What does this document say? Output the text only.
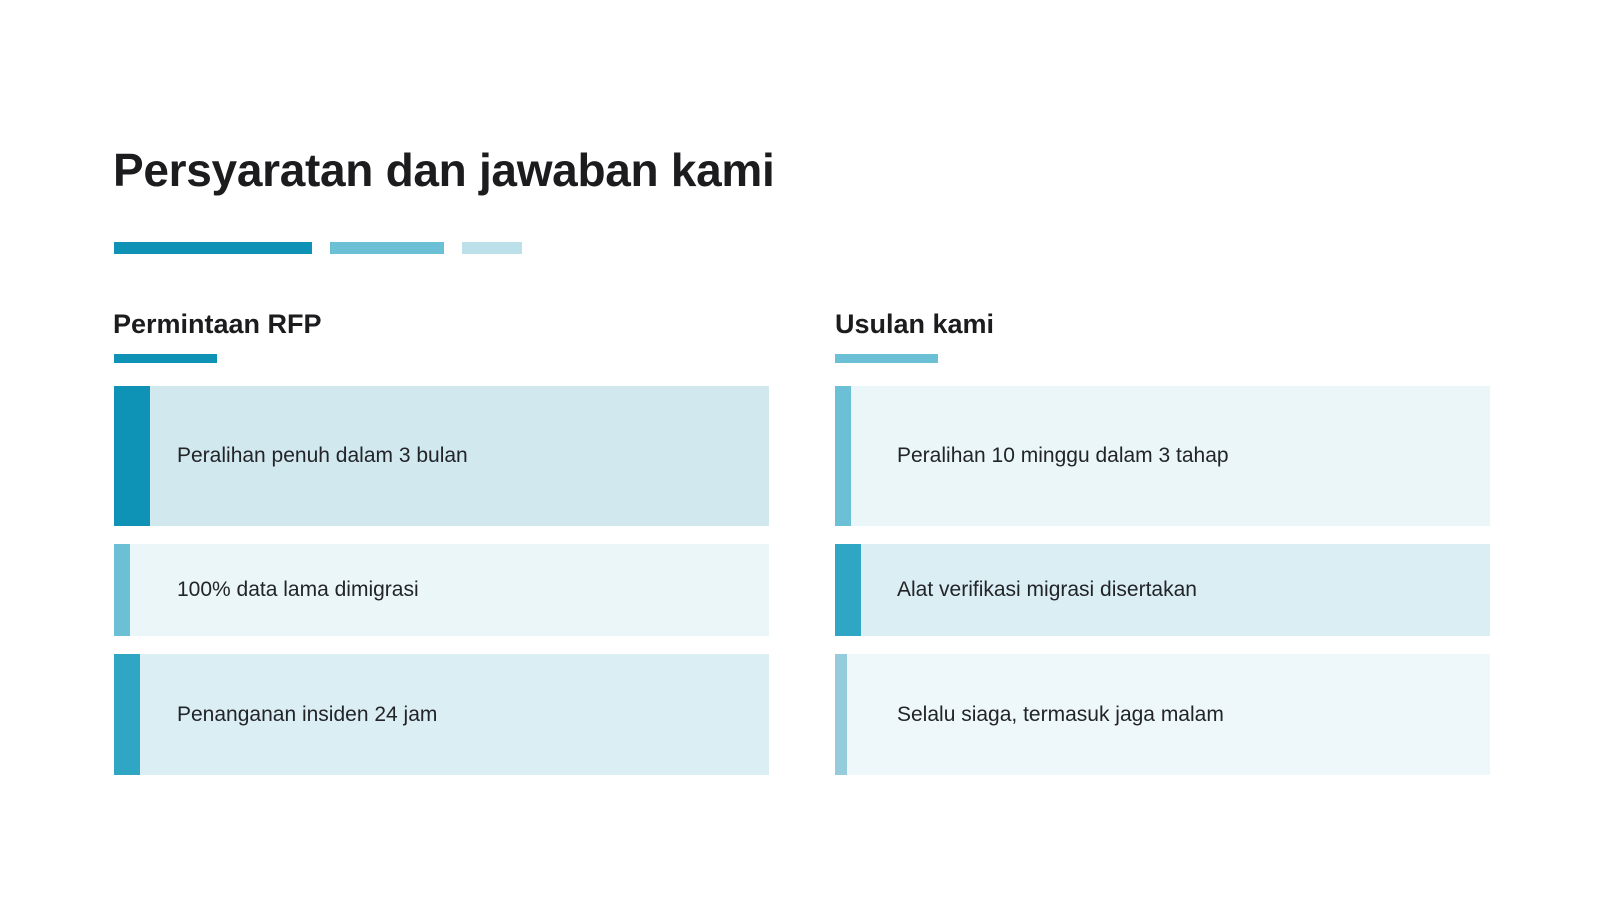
Persyaratan dan jawaban kami
Permintaan RFP
Peralihan penuh dalam 3 bulan
100% data lama dimigrasi
Penanganan insiden 24 jam
Usulan kami
Peralihan 10 minggu dalam 3 tahap
Alat verifikasi migrasi disertakan
Selalu siaga, termasuk jaga malam
